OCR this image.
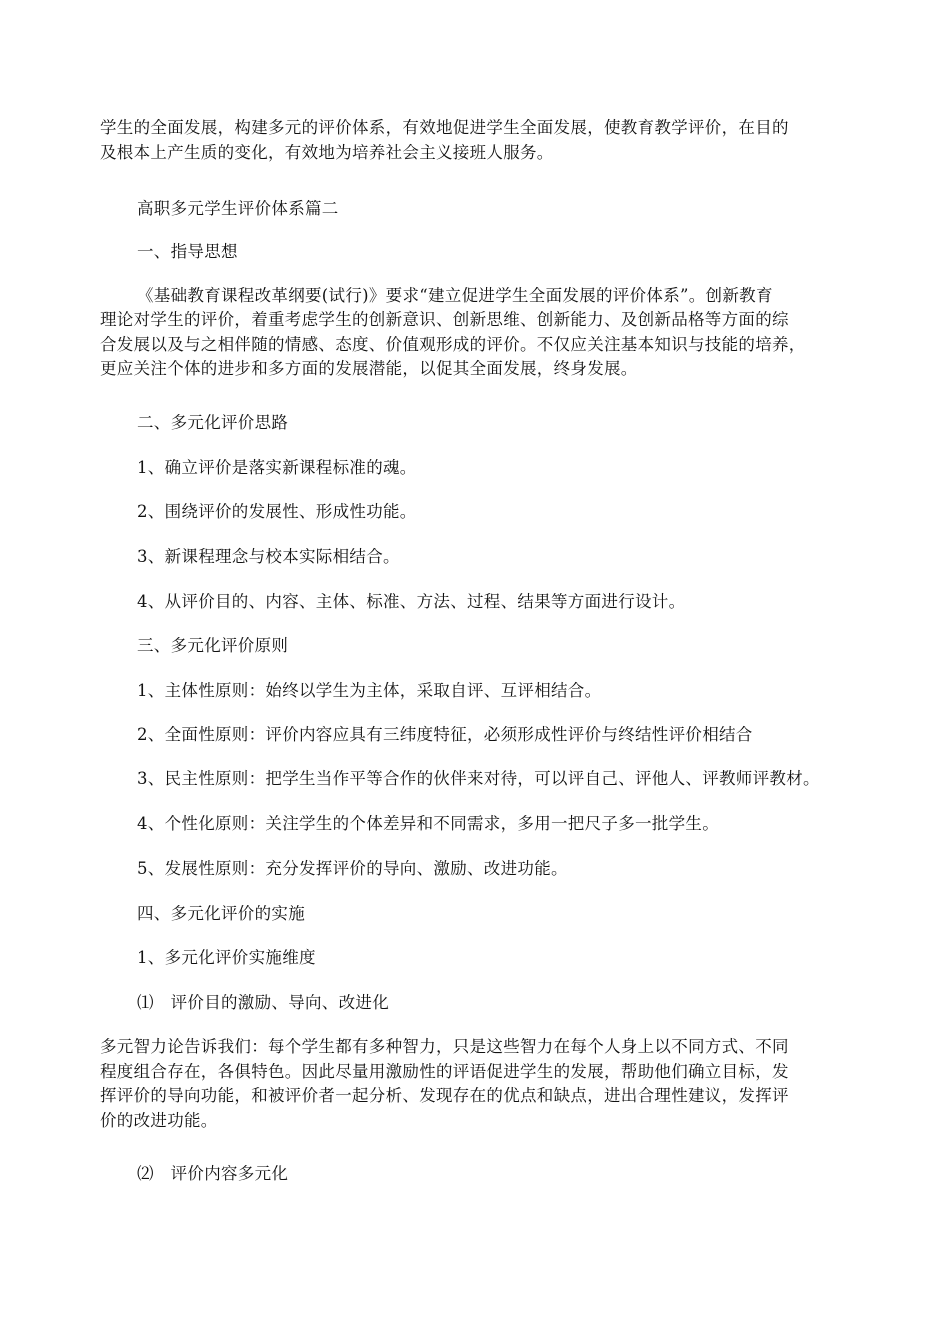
学生的全面发展，构建多元的评价体系，有效地促进学生全面发展，使教育教学评价，在目的
及根本上产生质的变化，有效地为培养社会主义接班人服务。
高职多元学生评价体系篇二
一、指导思想
《基础教育课程改革纲要(试行)》要求“建立促进学生全面发展的评价体系”。创新教育
理论对学生的评价，着重考虑学生的创新意识、创新思维、创新能力、及创新品格等方面的综
合发展以及与之相伴随的情感、态度、价值观形成的评价。不仅应关注基本知识与技能的培养，
更应关注个体的进步和多方面的发展潜能，以促其全面发展，终身发展。
二、多元化评价思路
1、确立评价是落实新课程标准的魂。
2、围绕评价的发展性、形成性功能。
3、新课程理念与校本实际相结合。
4、从评价目的、内容、主体、标准、方法、过程、结果等方面进行设计。
三、多元化评价原则
1、主体性原则：始终以学生为主体，采取自评、互评相结合。
2、全面性原则：评价内容应具有三纬度特征，必须形成性评价与终结性评价相结合
3、民主性原则：把学生当作平等合作的伙伴来对待，可以评自己、评他人、评教师评教材。
4、个性化原则：关注学生的个体差异和不同需求，多用一把尺子多一批学生。
5、发展性原则：充分发挥评价的导向、激励、改进功能。
四、多元化评价的实施
1、多元化评价实施维度
⑴　评价目的激励、导向、改进化
多元智力论告诉我们：每个学生都有多种智力，只是这些智力在每个人身上以不同方式、不同
程度组合存在，各俱特色。因此尽量用激励性的评语促进学生的发展，帮助他们确立目标，发
挥评价的导向功能，和被评价者一起分析、发现存在的优点和缺点，进出合理性建议，发挥评
价的改进功能。
⑵　评价内容多元化
